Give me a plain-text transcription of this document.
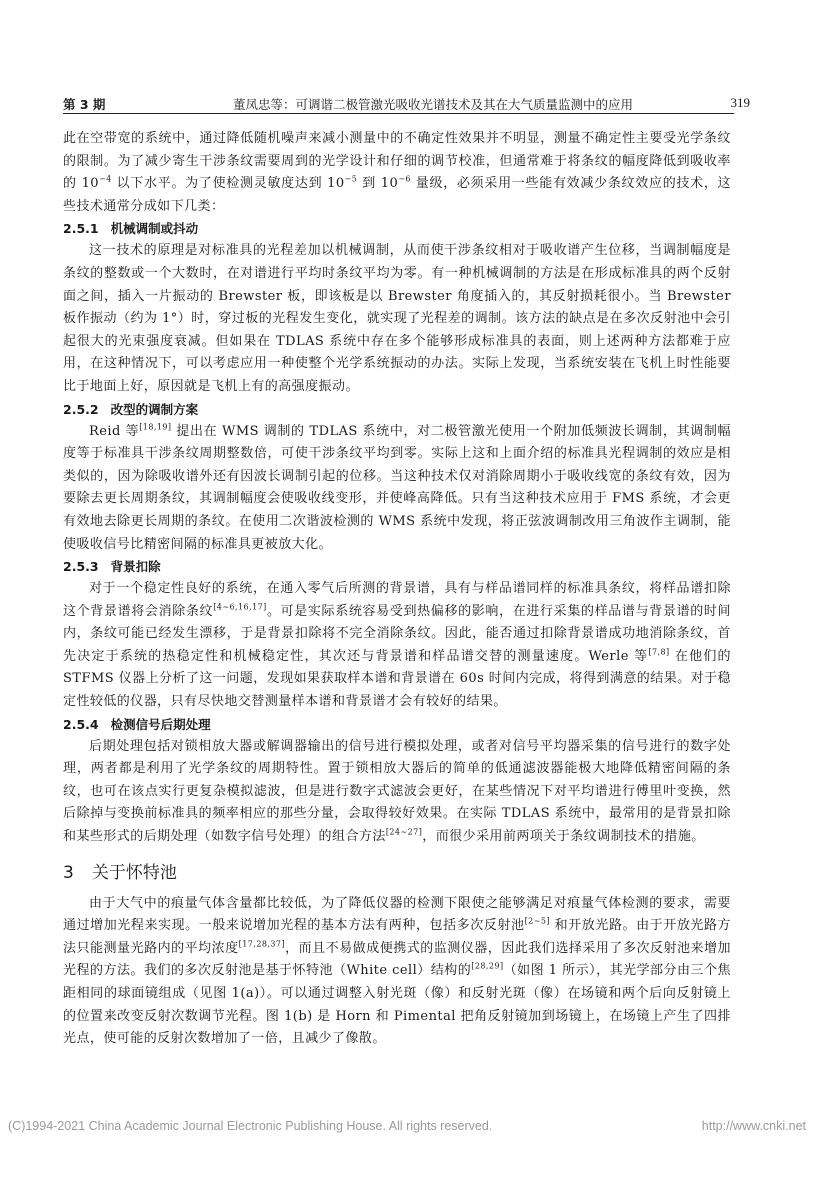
第 3 期	董凤忠等：可调谐二极管激光吸收光谱技术及其在大气质量监测中的应用	319

此在空带宽的系统中，通过降低随机噪声来减小测量中的不确定性效果并不明显，测量不确定性主要受光学条纹的限制。为了减少寄生干涉条纹需要周到的光学设计和仔细的调节校准，但通常难于将条纹的幅度降低到吸收率的 $10^{-4}$ 以下水平。为了使检测灵敏度达到 $10^{-5}$ 到 $10^{-6}$ 量级，必须采用一些能有效减少条纹效应的技术，这些技术通常分成如下几类：

2.5.1 机械调制或抖动

这一技术的原理是对标准具的光程差加以机械调制，从而使干涉条纹相对于吸收谱产生位移，当调制幅度是条纹的整数或一个大数时，在对谱进行平均时条纹平均为零。有一种机械调制的方法是在形成标准具的两个反射面之间，插入一片振动的 Brewster 板，即该板是以 Brewster 角度插入的，其反射损耗很小。当 Brewster 板作振动（约为 1°）时，穿过板的光程发生变化，就实现了光程差的调制。该方法的缺点是在多次反射池中会引起很大的光束强度衰减。但如果在 TDLAS 系统中存在多个能够形成标准具的表面，则上述两种方法都难于应用，在这种情况下，可以考虑应用一种使整个光学系统振动的办法。实际上发现，当系统安装在飞机上时性能要比于地面上好，原因就是飞机上有的高强度振动。

2.5.2 改型的调制方案

Reid 等[18,19] 提出在 WMS 调制的 TDLAS 系统中，对二极管激光使用一个附加低频波长调制，其调制幅度等于标准具干涉条纹周期整数倍，可使干涉条纹平均到零。实际上这和上面介绍的标准具光程调制的效应是相类似的，因为除吸收谱外还有因波长调制引起的位移。当这种技术仅对消除周期小于吸收线宽的条纹有效，因为要除去更长周期条纹，其调制幅度会使吸收线变形，并使峰高降低。只有当这种技术应用于 FMS 系统，才会更有效地去除更长周期的条纹。在使用二次谐波检测的 WMS 系统中发现，将正弦波调制改用三角波作主调制，能使吸收信号比精密间隔的标准具更被放大化。

2.5.3 背景扣除

对于一个稳定性良好的系统，在通入零气后所测的背景谱，具有与样品谱同样的标准具条纹，将样品谱扣除这个背景谱将会消除条纹[4~6,16,17]。可是实际系统容易受到热偏移的影响，在进行采集的样品谱与背景谱的时间内，条纹可能已经发生漂移，于是背景扣除将不完全消除条纹。因此，能否通过扣除背景谱成功地消除条纹，首先决定于系统的热稳定性和机械稳定性，其次还与背景谱和样品谱交替的测量速度。Werle 等[7,8] 在他们的 STFMS 仪器上分析了这一问题，发现如果获取样本谱和背景谱在 60s 时间内完成，将得到满意的结果。对于稳定性较低的仪器，只有尽快地交替测量样本谱和背景谱才会有较好的结果。

2.5.4 检测信号后期处理

后期处理包括对锁相放大器或解调器输出的信号进行模拟处理，或者对信号平均器采集的信号进行的数字处理，两者都是利用了光学条纹的周期特性。置于锁相放大器后的简单的低通滤波器能极大地降低精密间隔的条纹，也可在该点实行更复杂模拟滤波，但是进行数字式滤波会更好，在某些情况下对平均谱进行傅里叶变换，然后除掉与变换前标准具的频率相应的那些分量，会取得较好效果。在实际 TDLAS 系统中，最常用的是背景扣除和某些形式的后期处理（如数字信号处理）的组合方法[24~27]，而很少采用前两项关于条纹调制技术的措施。

3 关于怀特池

由于大气中的痕量气体含量都比较低，为了降低仪器的检测下限使之能够满足对痕量气体检测的要求，需要通过增加光程来实现。一般来说增加光程的基本方法有两种，包括多次反射池[2~5] 和开放光路。由于开放光路方法只能测量光路内的平均浓度[17,28,37]，而且不易做成便携式的监测仪器，因此我们选择采用了多次反射池来增加光程的方法。我们的多次反射池是基于怀特池（White cell）结构的[28,29]（如图 1 所示），其光学部分由三个焦距相同的球面镜组成（见图 1(a)）。可以通过调整入射光斑（像）和反射光斑（像）在场镜和两个后向反射镜上的位置来改变反射次数调节光程。图 1(b) 是 Horn 和 Pimental 把角反射镜加到场镜上，在场镜上产生了四排光点，使可能的反射次数增加了一倍，且减少了像散。

(C)1994-2021 China Academic Journal Electronic Publishing House. All rights reserved.	http://www.cnki.net
